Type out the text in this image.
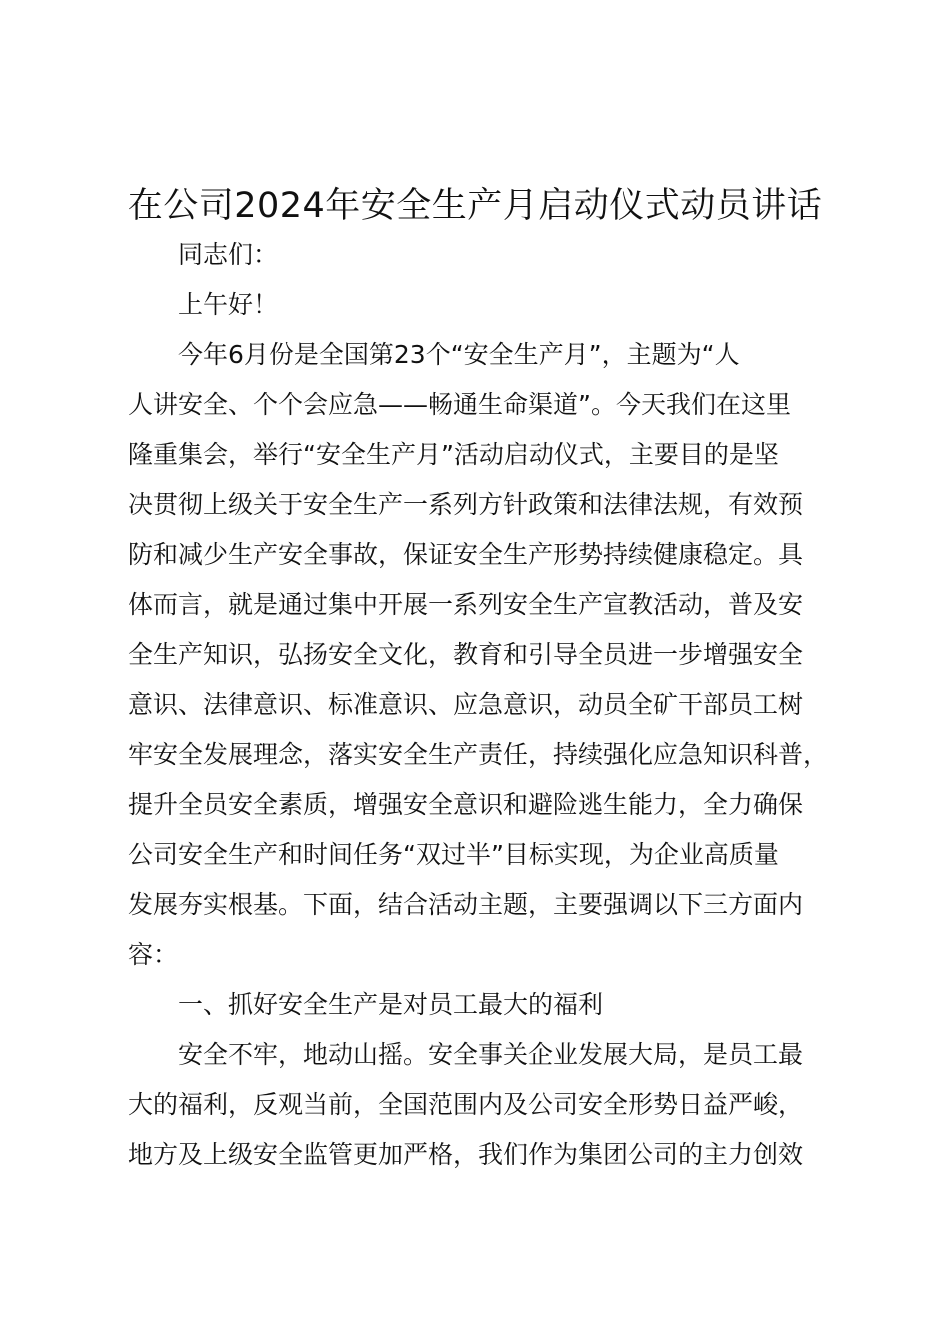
在公司2024年安全生产月启动仪式动员讲话
同志们：
上午好！
今年6月份是全国第23个“安全生产月”，主题为“人
人讲安全、个个会应急——畅通生命渠道”。今天我们在这里
隆重集会，举行“安全生产月”活动启动仪式，主要目的是坚
决贯彻上级关于安全生产一系列方针政策和法律法规，有效预
防和减少生产安全事故，保证安全生产形势持续健康稳定。具
体而言，就是通过集中开展一系列安全生产宣教活动，普及安
全生产知识，弘扬安全文化，教育和引导全员进一步增强安全
意识、法律意识、标准意识、应急意识，动员全矿干部员工树
牢安全发展理念，落实安全生产责任，持续强化应急知识科普，
提升全员安全素质，增强安全意识和避险逃生能力，全力确保
公司安全生产和时间任务“双过半”目标实现，为企业高质量
发展夯实根基。下面，结合活动主题，主要强调以下三方面内
容：
一、抓好安全生产是对员工最大的福利
安全不牢，地动山摇。安全事关企业发展大局，是员工最
大的福利，反观当前，全国范围内及公司安全形势日益严峻，
地方及上级安全监管更加严格，我们作为集团公司的主力创效
